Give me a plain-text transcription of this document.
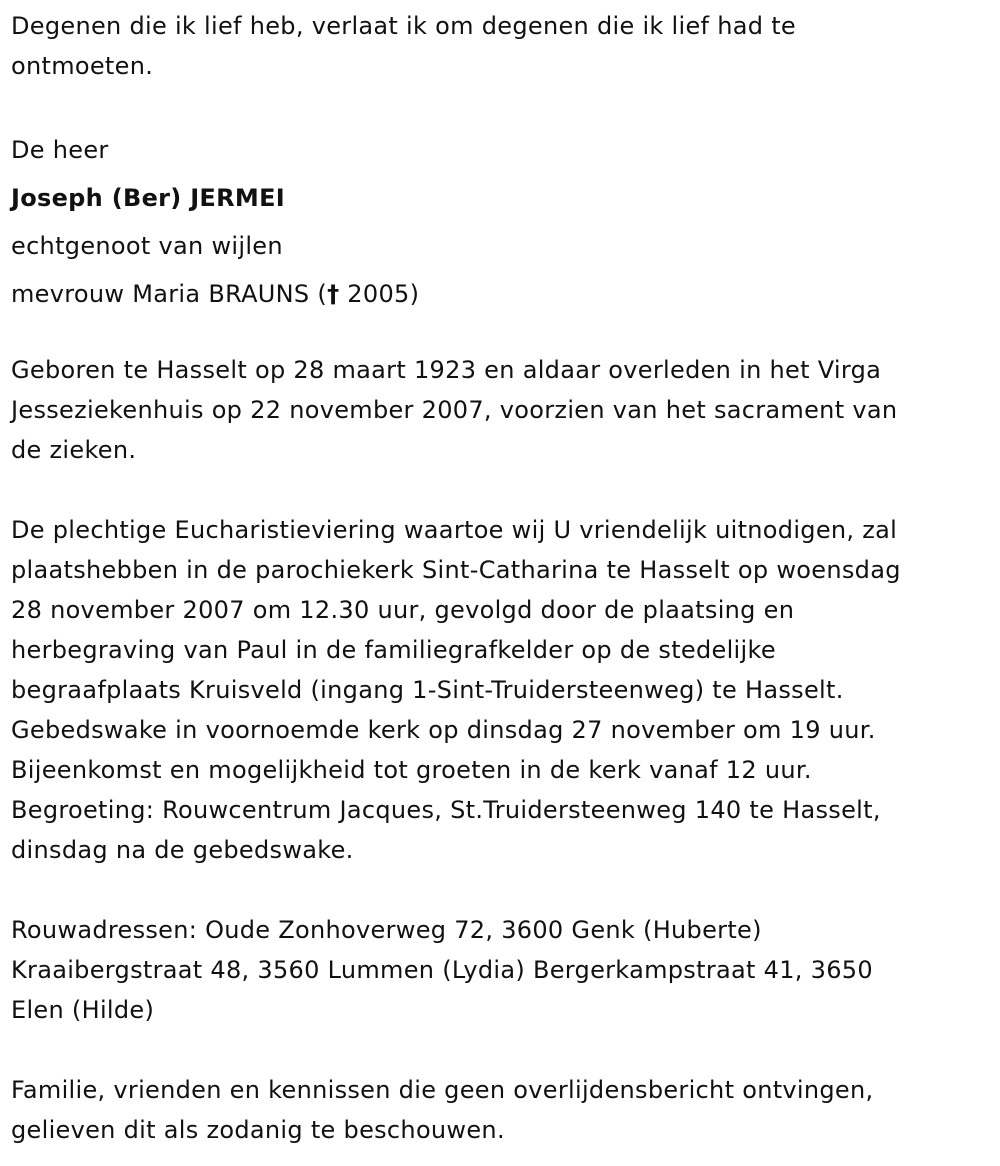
Degenen die ik lief heb, verlaat ik om degenen die ik lief had te
ontmoeten.
De heer
Joseph (Ber) JERMEI
echtgenoot van wijlen
mevrouw Maria BRAUNS († 2005)
Geboren te Hasselt op 28 maart 1923 en aldaar overleden in het Virga
Jesseziekenhuis op 22 november 2007, voorzien van het sacrament van
de zieken.
De plechtige Eucharistieviering waartoe wij U vriendelijk uitnodigen, zal
plaatshebben in de parochiekerk Sint-Catharina te Hasselt op woensdag
28 november 2007 om 12.30 uur, gevolgd door de plaatsing en
herbegraving van Paul in de familiegrafkelder op de stedelijke
begraafplaats Kruisveld (ingang 1-Sint-Truidersteenweg) te Hasselt.
Gebedswake in voornoemde kerk op dinsdag 27 november om 19 uur.
Bijeenkomst en mogelijkheid tot groeten in de kerk vanaf 12 uur.
Begroeting: Rouwcentrum Jacques, St.Truidersteenweg 140 te Hasselt,
dinsdag na de gebedswake.
Rouwadressen: Oude Zonhoverweg 72, 3600 Genk (Huberte)
Kraaibergstraat 48, 3560 Lummen (Lydia) Bergerkampstraat 41, 3650
Elen (Hilde)
Familie, vrienden en kennissen die geen overlijdensbericht ontvingen,
gelieven dit als zodanig te beschouwen.
